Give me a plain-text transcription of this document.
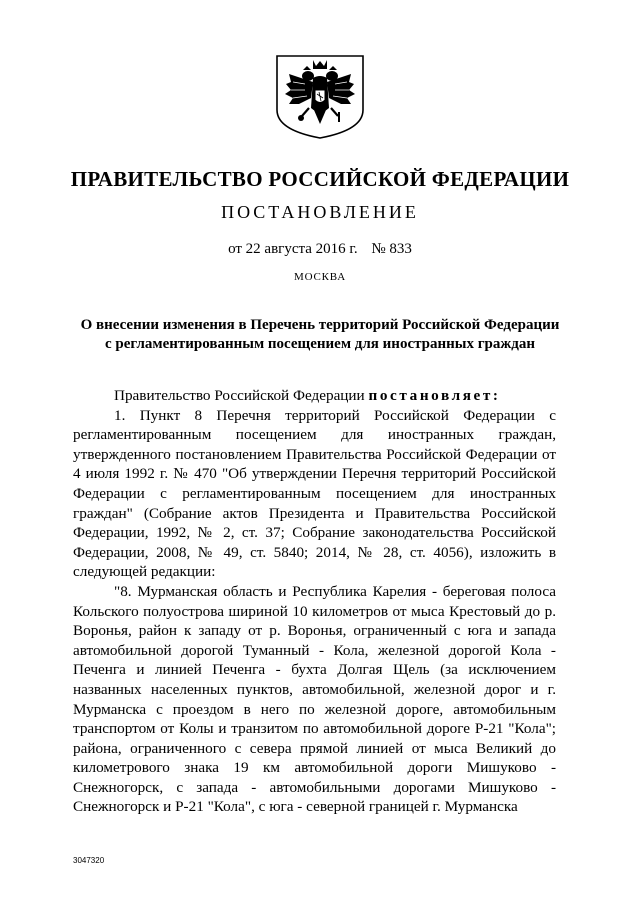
ПРАВИТЕЛЬСТВО РОССИЙСКОЙ ФЕДЕРАЦИИ
ПОСТАНОВЛЕНИЕ
от 22 августа 2016 г. № 833
МОСКВА
О внесении изменения в Перечень территорий Российской Федерации
с регламентированным посещением для иностранных граждан

Правительство Российской Федерации постановляет:

1. Пункт 8 Перечня территорий Российской Федерации с регламентированным посещением для иностранных граждан, утвержденного постановлением Правительства Российской Федерации от 4 июля 1992 г. № 470 "Об утверждении Перечня территорий Российской Федерации с регламентированным посещением для иностранных граждан" (Собрание актов Президента и Правительства Российской Федерации, 1992, № 2, ст. 37; Собрание законодательства Российской Федерации, 2008, № 49, ст. 5840; 2014, № 28, ст. 4056), изложить в следующей редакции:

"8. Мурманская область и Республика Карелия - береговая полоса Кольского полуострова шириной 10 километров от мыса Крестовый до р. Воронья, район к западу от р. Воронья, ограниченный с юга и запада автомобильной дорогой Туманный - Кола, железной дорогой Кола - Печенга и линией Печенга - бухта Долгая Щель (за исключением названных населенных пунктов, автомобильной, железной дорог и г. Мурманска с проездом в него по железной дороге, автомобильным транспортом от Колы и транзитом по автомобильной дороге Р-21 "Кола"; района, ограниченного с севера прямой линией от мыса Великий до километрового знака 19 км автомобильной дороги Мишуково - Снежногорск, с запада - автомобильными дорогами Мишуково - Снежногорск и Р-21 "Кола", с юга - северной границей г. Мурманска

3047320
